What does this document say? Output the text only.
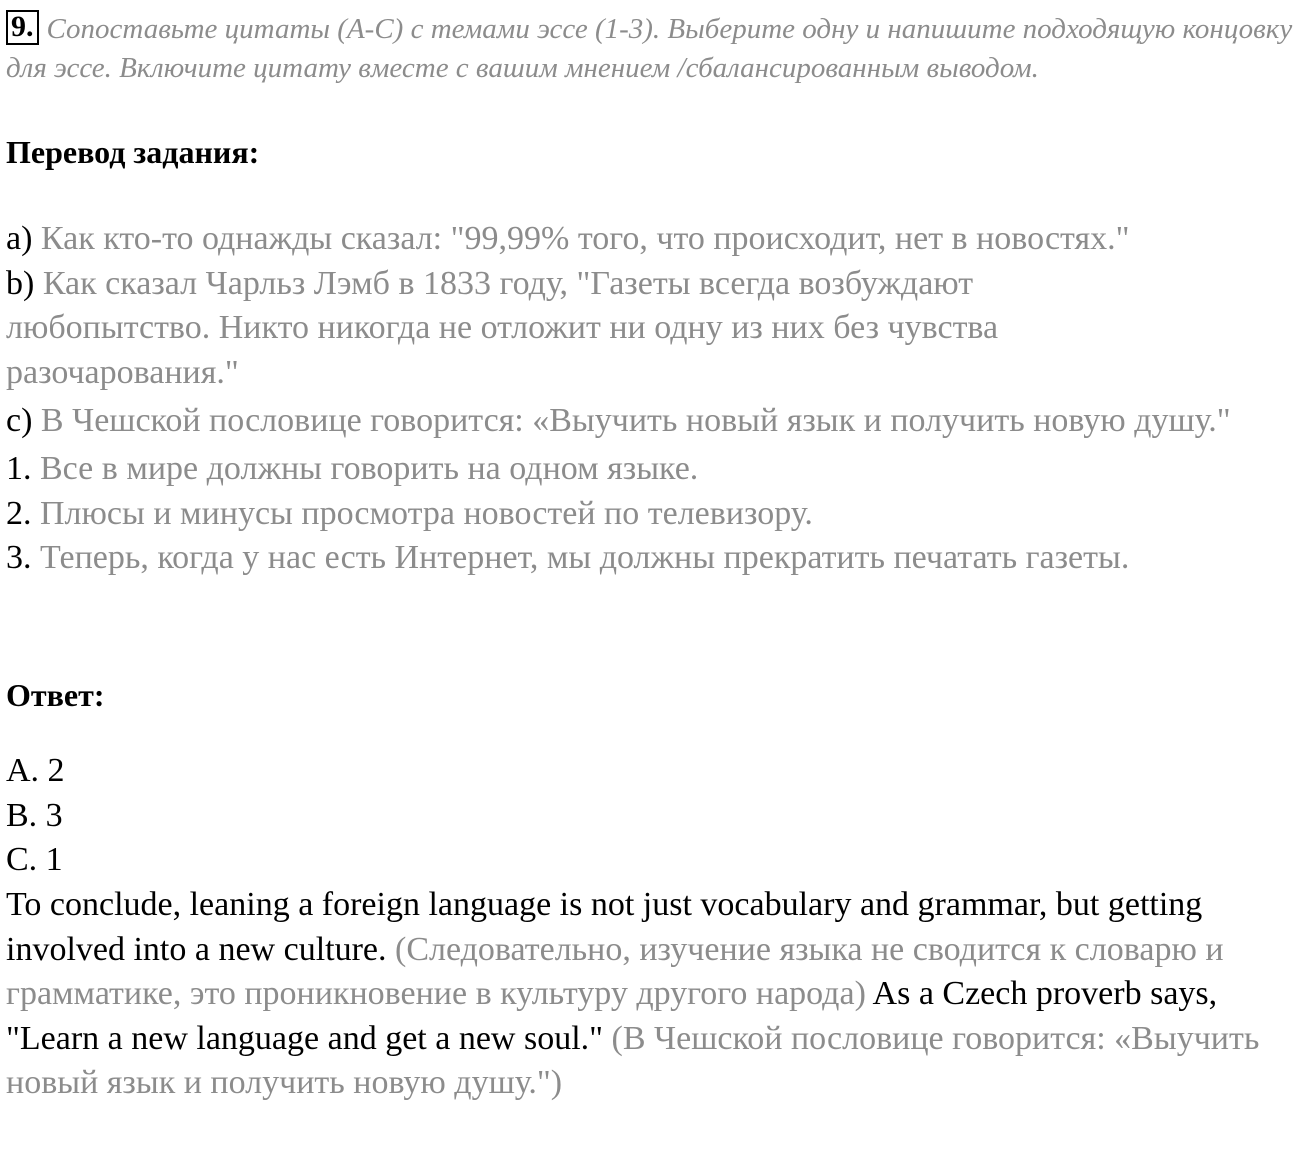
9. Сопоставьте цитаты (A-C) с темами эссе (1-3). Выберите одну и напишите подходящую концовку для эссе. Включите цитату вместе с вашим мнением /сбалансированным выводом.
Перевод задания:
a) Как кто-то однажды сказал: "99,99% того, что происходит, нет в новостях."
b) Как сказал Чарльз Лэмб в 1833 году, "Газеты всегда возбуждают любопытство. Никто никогда не отложит ни одну из них без чувства разочарования."
c) В Чешской пословице говорится: «Выучить новый язык и получить новую душу."
1. Все в мире должны говорить на одном языке.
2. Плюсы и минусы просмотра новостей по телевизору.
3. Теперь, когда у нас есть Интернет, мы должны прекратить печатать газеты.
Ответ:
A. 2
B. 3
C. 1
To conclude, leaning a foreign language is not just vocabulary and grammar, but getting involved into a new culture. (Следовательно, изучение языка не сводится к словарю и грамматике, это проникновение в культуру другого народа) As a Czech proverb says, "Learn a new language and get a new soul." (В Чешской пословице говорится: «Выучить новый язык и получить новую душу.")
